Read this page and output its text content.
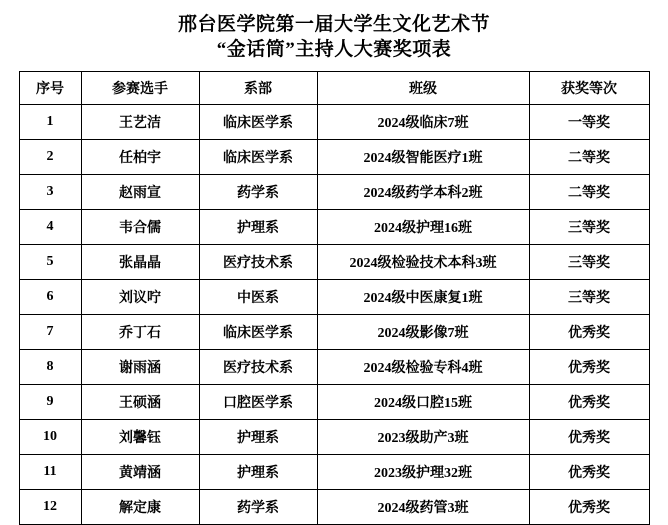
邢台医学院第一届大学生文化艺术节
“金话筒”主持人大赛奖项表
序号	参赛选手	系部	班级	获奖等次
1	王艺洁	临床医学系	2024级临床7班	一等奖
2	任柏宇	临床医学系	2024级智能医疗1班	二等奖
3	赵雨宣	药学系	2024级药学本科2班	二等奖
4	韦合儒	护理系	2024级护理16班	三等奖
5	张晶晶	医疗技术系	2024级检验技术本科3班	三等奖
6	刘议咛	中医系	2024级中医康复1班	三等奖
7	乔丁石	临床医学系	2024级影像7班	优秀奖
8	谢雨涵	医疗技术系	2024级检验专科4班	优秀奖
9	王硕涵	口腔医学系	2024级口腔15班	优秀奖
10	刘馨钰	护理系	2023级助产3班	优秀奖
11	黄靖涵	护理系	2023级护理32班	优秀奖
12	解定康	药学系	2024级药管3班	优秀奖
